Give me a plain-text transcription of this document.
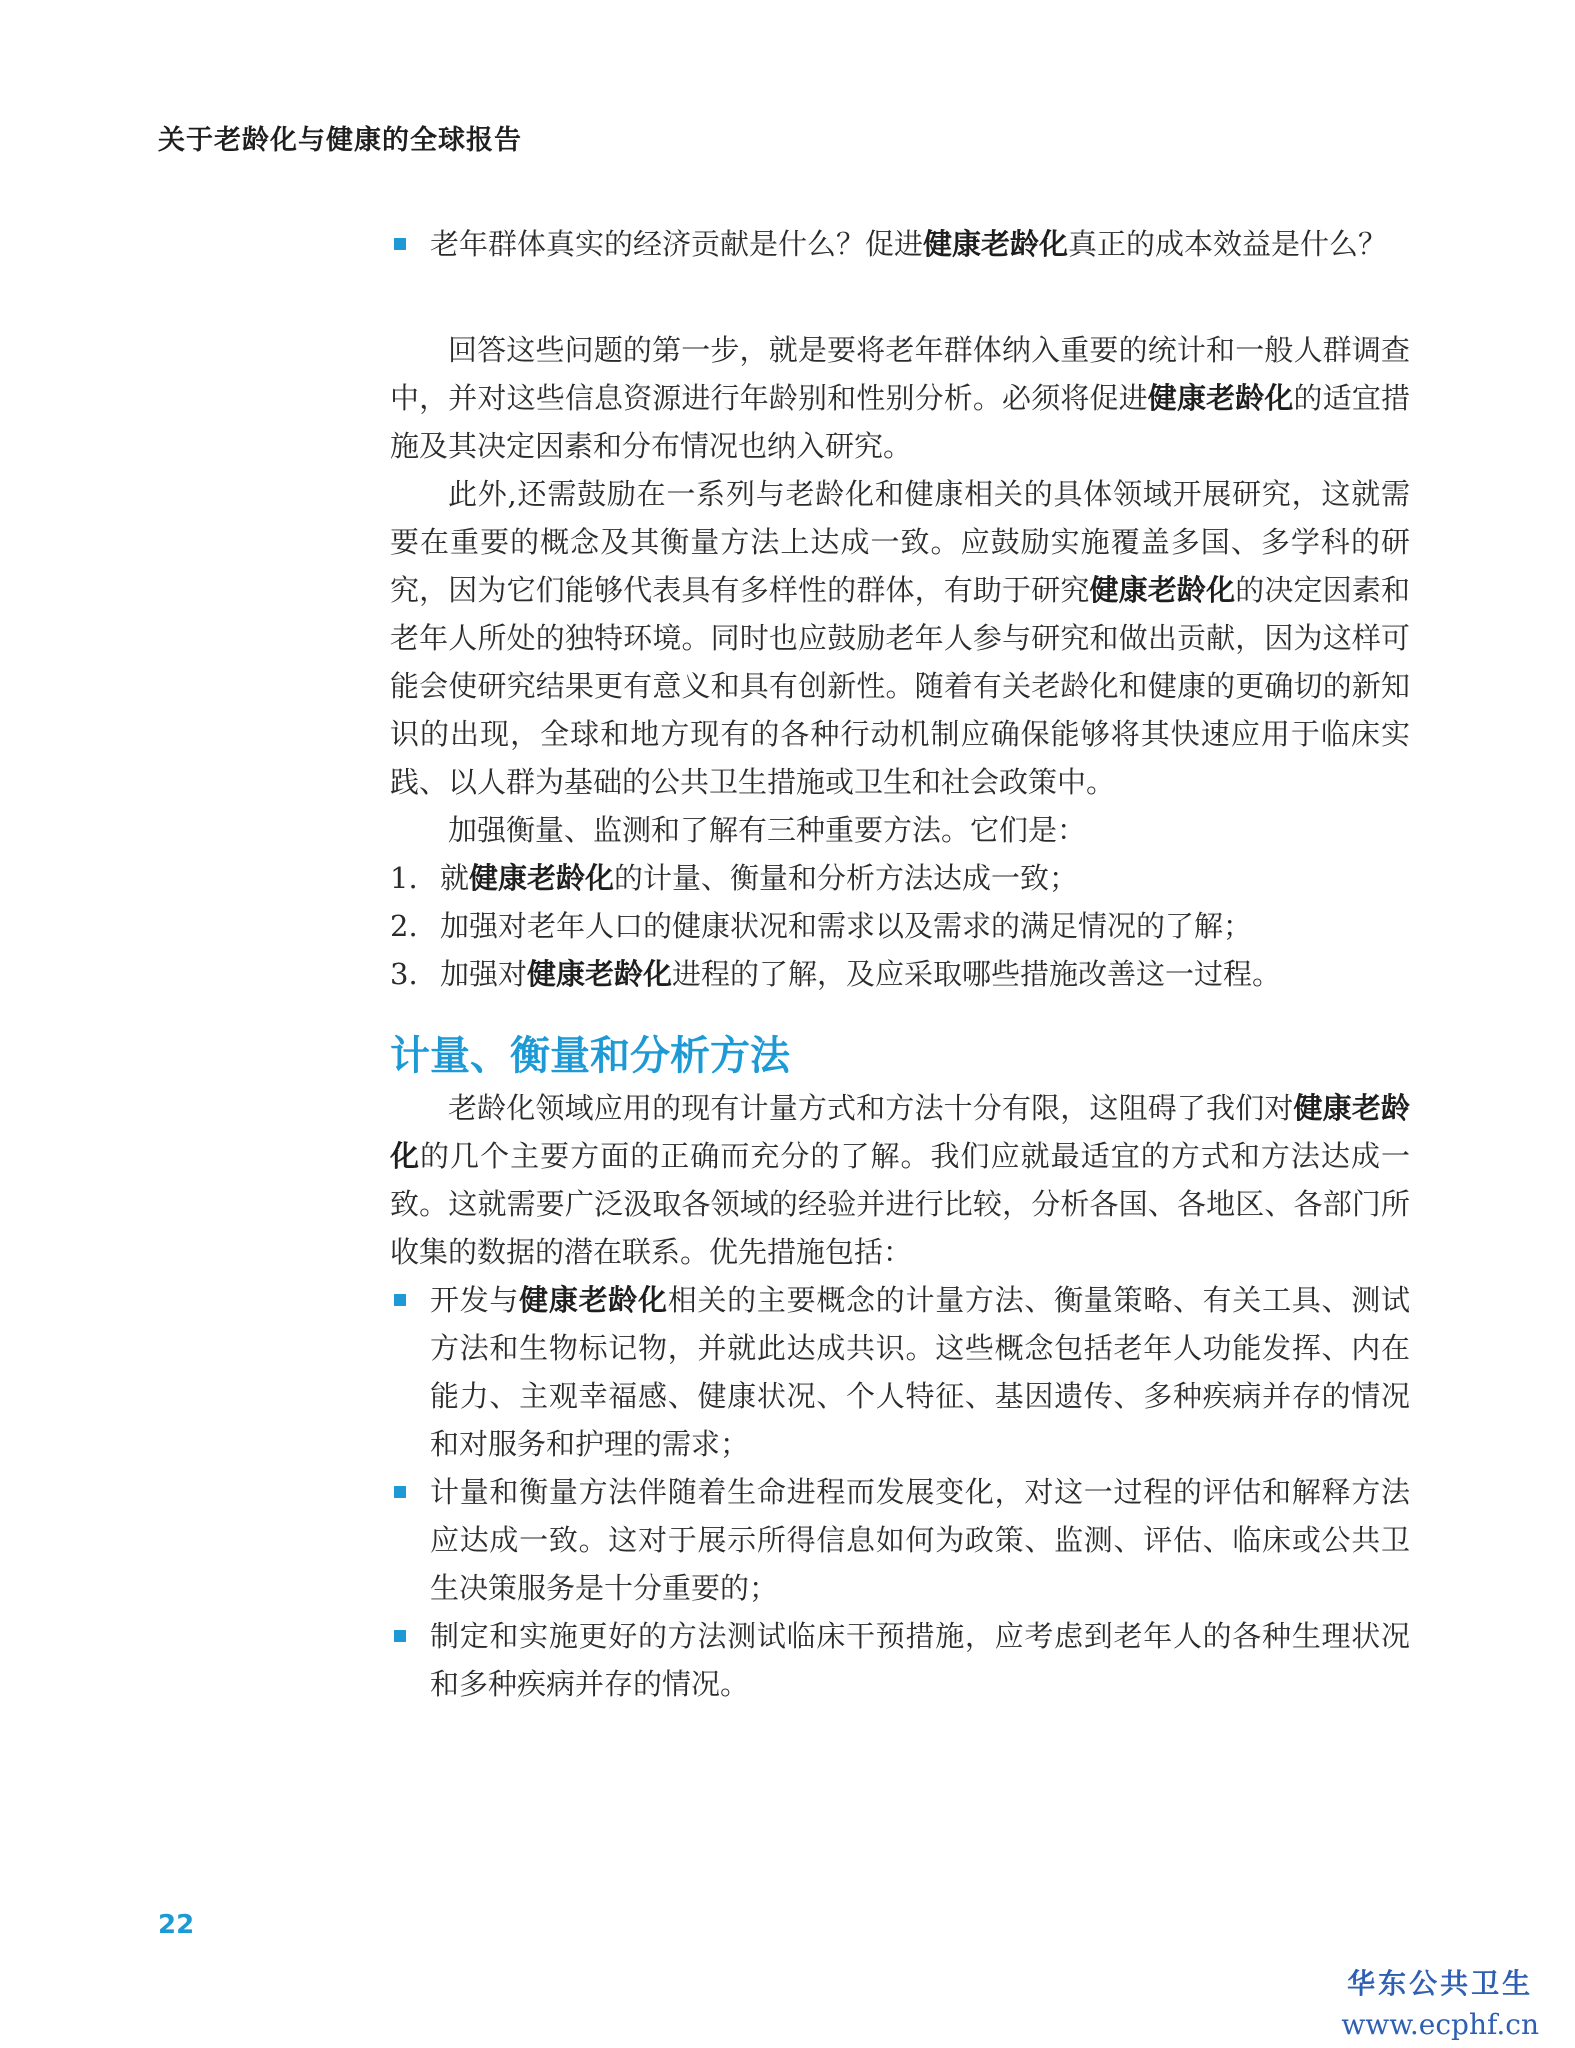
关于老龄化与健康的全球报告

老年群体真实的经济贡献是什么？促进健康老龄化真正的成本效益是什么？

回答这些问题的第一步，就是要将老年群体纳入重要的统计和一般人群调查中，并对这些信息资源进行年龄别和性别分析。必须将促进健康老龄化的适宜措施及其决定因素和分布情况也纳入研究。

此外,还需鼓励在一系列与老龄化和健康相关的具体领域开展研究，这就需要在重要的概念及其衡量方法上达成一致。应鼓励实施覆盖多国、多学科的研究，因为它们能够代表具有多样性的群体，有助于研究健康老龄化的决定因素和老年人所处的独特环境。同时也应鼓励老年人参与研究和做出贡献，因为这样可能会使研究结果更有意义和具有创新性。随着有关老龄化和健康的更确切的新知识的出现，全球和地方现有的各种行动机制应确保能够将其快速应用于临床实践、以人群为基础的公共卫生措施或卫生和社会政策中。

加强衡量、监测和了解有三种重要方法。它们是：

1. 就健康老龄化的计量、衡量和分析方法达成一致；

2. 加强对老年人口的健康状况和需求以及需求的满足情况的了解；

3. 加强对健康老龄化进程的了解，及应采取哪些措施改善这一过程。

计量、衡量和分析方法

老龄化领域应用的现有计量方式和方法十分有限，这阻碍了我们对健康老龄化的几个主要方面的正确而充分的了解。我们应就最适宜的方式和方法达成一致。这就需要广泛汲取各领域的经验并进行比较，分析各国、各地区、各部门所收集的数据的潜在联系。优先措施包括：

开发与健康老龄化相关的主要概念的计量方法、衡量策略、有关工具、测试方法和生物标记物，并就此达成共识。这些概念包括老年人功能发挥、内在能力、主观幸福感、健康状况、个人特征、基因遗传、多种疾病并存的情况和对服务和护理的需求；

计量和衡量方法伴随着生命进程而发展变化，对这一过程的评估和解释方法应达成一致。这对于展示所得信息如何为政策、监测、评估、临床或公共卫生决策服务是十分重要的；

制定和实施更好的方法测试临床干预措施，应考虑到老年人的各种生理状况和多种疾病并存的情况。

22
华东公共卫生
www.ecphf.cn
